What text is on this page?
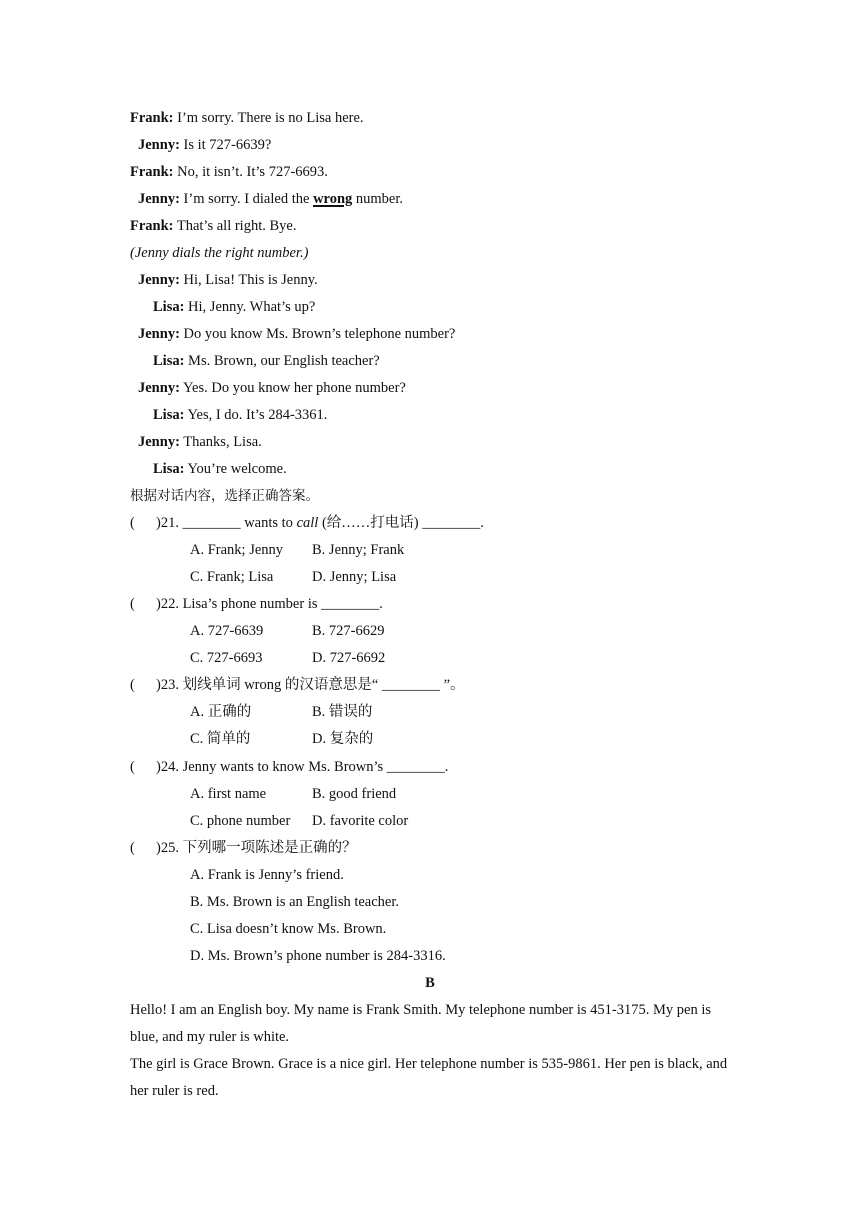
Frank: I’m sorry. There is no Lisa here.
Jenny: Is it 727-6639?
Frank: No, it isn’t. It’s 727-6693.
Jenny: I’m sorry. I dialed the wrong number.
Frank: That’s all right. Bye.
(Jenny dials the right number.)
Jenny: Hi, Lisa! This is Jenny.
Lisa: Hi, Jenny. What’s up?
Jenny: Do you know Ms. Brown’s telephone number?
Lisa: Ms. Brown, our English teacher?
Jenny: Yes. Do you know her phone number?
Lisa: Yes, I do. It’s 284-3361.
Jenny: Thanks, Lisa.
Lisa: You’re welcome.
根据对话内容，选择正确答案。
( )21. ________ wants to call (给……打电话) ________.
A. Frank; Jenny B. Jenny; Frank
C. Frank; Lisa	D. Jenny; Lisa
( )22. Lisa’s phone number is ________.
A. 727-6639	B. 727-6629
C. 727-6693	D. 727-6692
( )23. 划线单词 wrong 的汉语意思是“ ________ ”。
A. 正确的	B. 错误的
C. 简单的	D. 复杂的
( )24. Jenny wants to know Ms. Brown’s ________.
A. first name	B. good friend
C. phone number D. favorite color
( )25. 下列哪一项陈述是正确的？
A. Frank is Jenny’s friend.
B. Ms. Brown is an English teacher.
C. Lisa doesn’t know Ms. Brown.
D. Ms. Brown’s phone number is 284-3316.
B
Hello! I am an English boy. My name is Frank Smith. My telephone number is 451-3175. My pen is blue, and my ruler is white.
The girl is Grace Brown. Grace is a nice girl. Her telephone number is 535-9861. Her pen is black, and her ruler is red.
